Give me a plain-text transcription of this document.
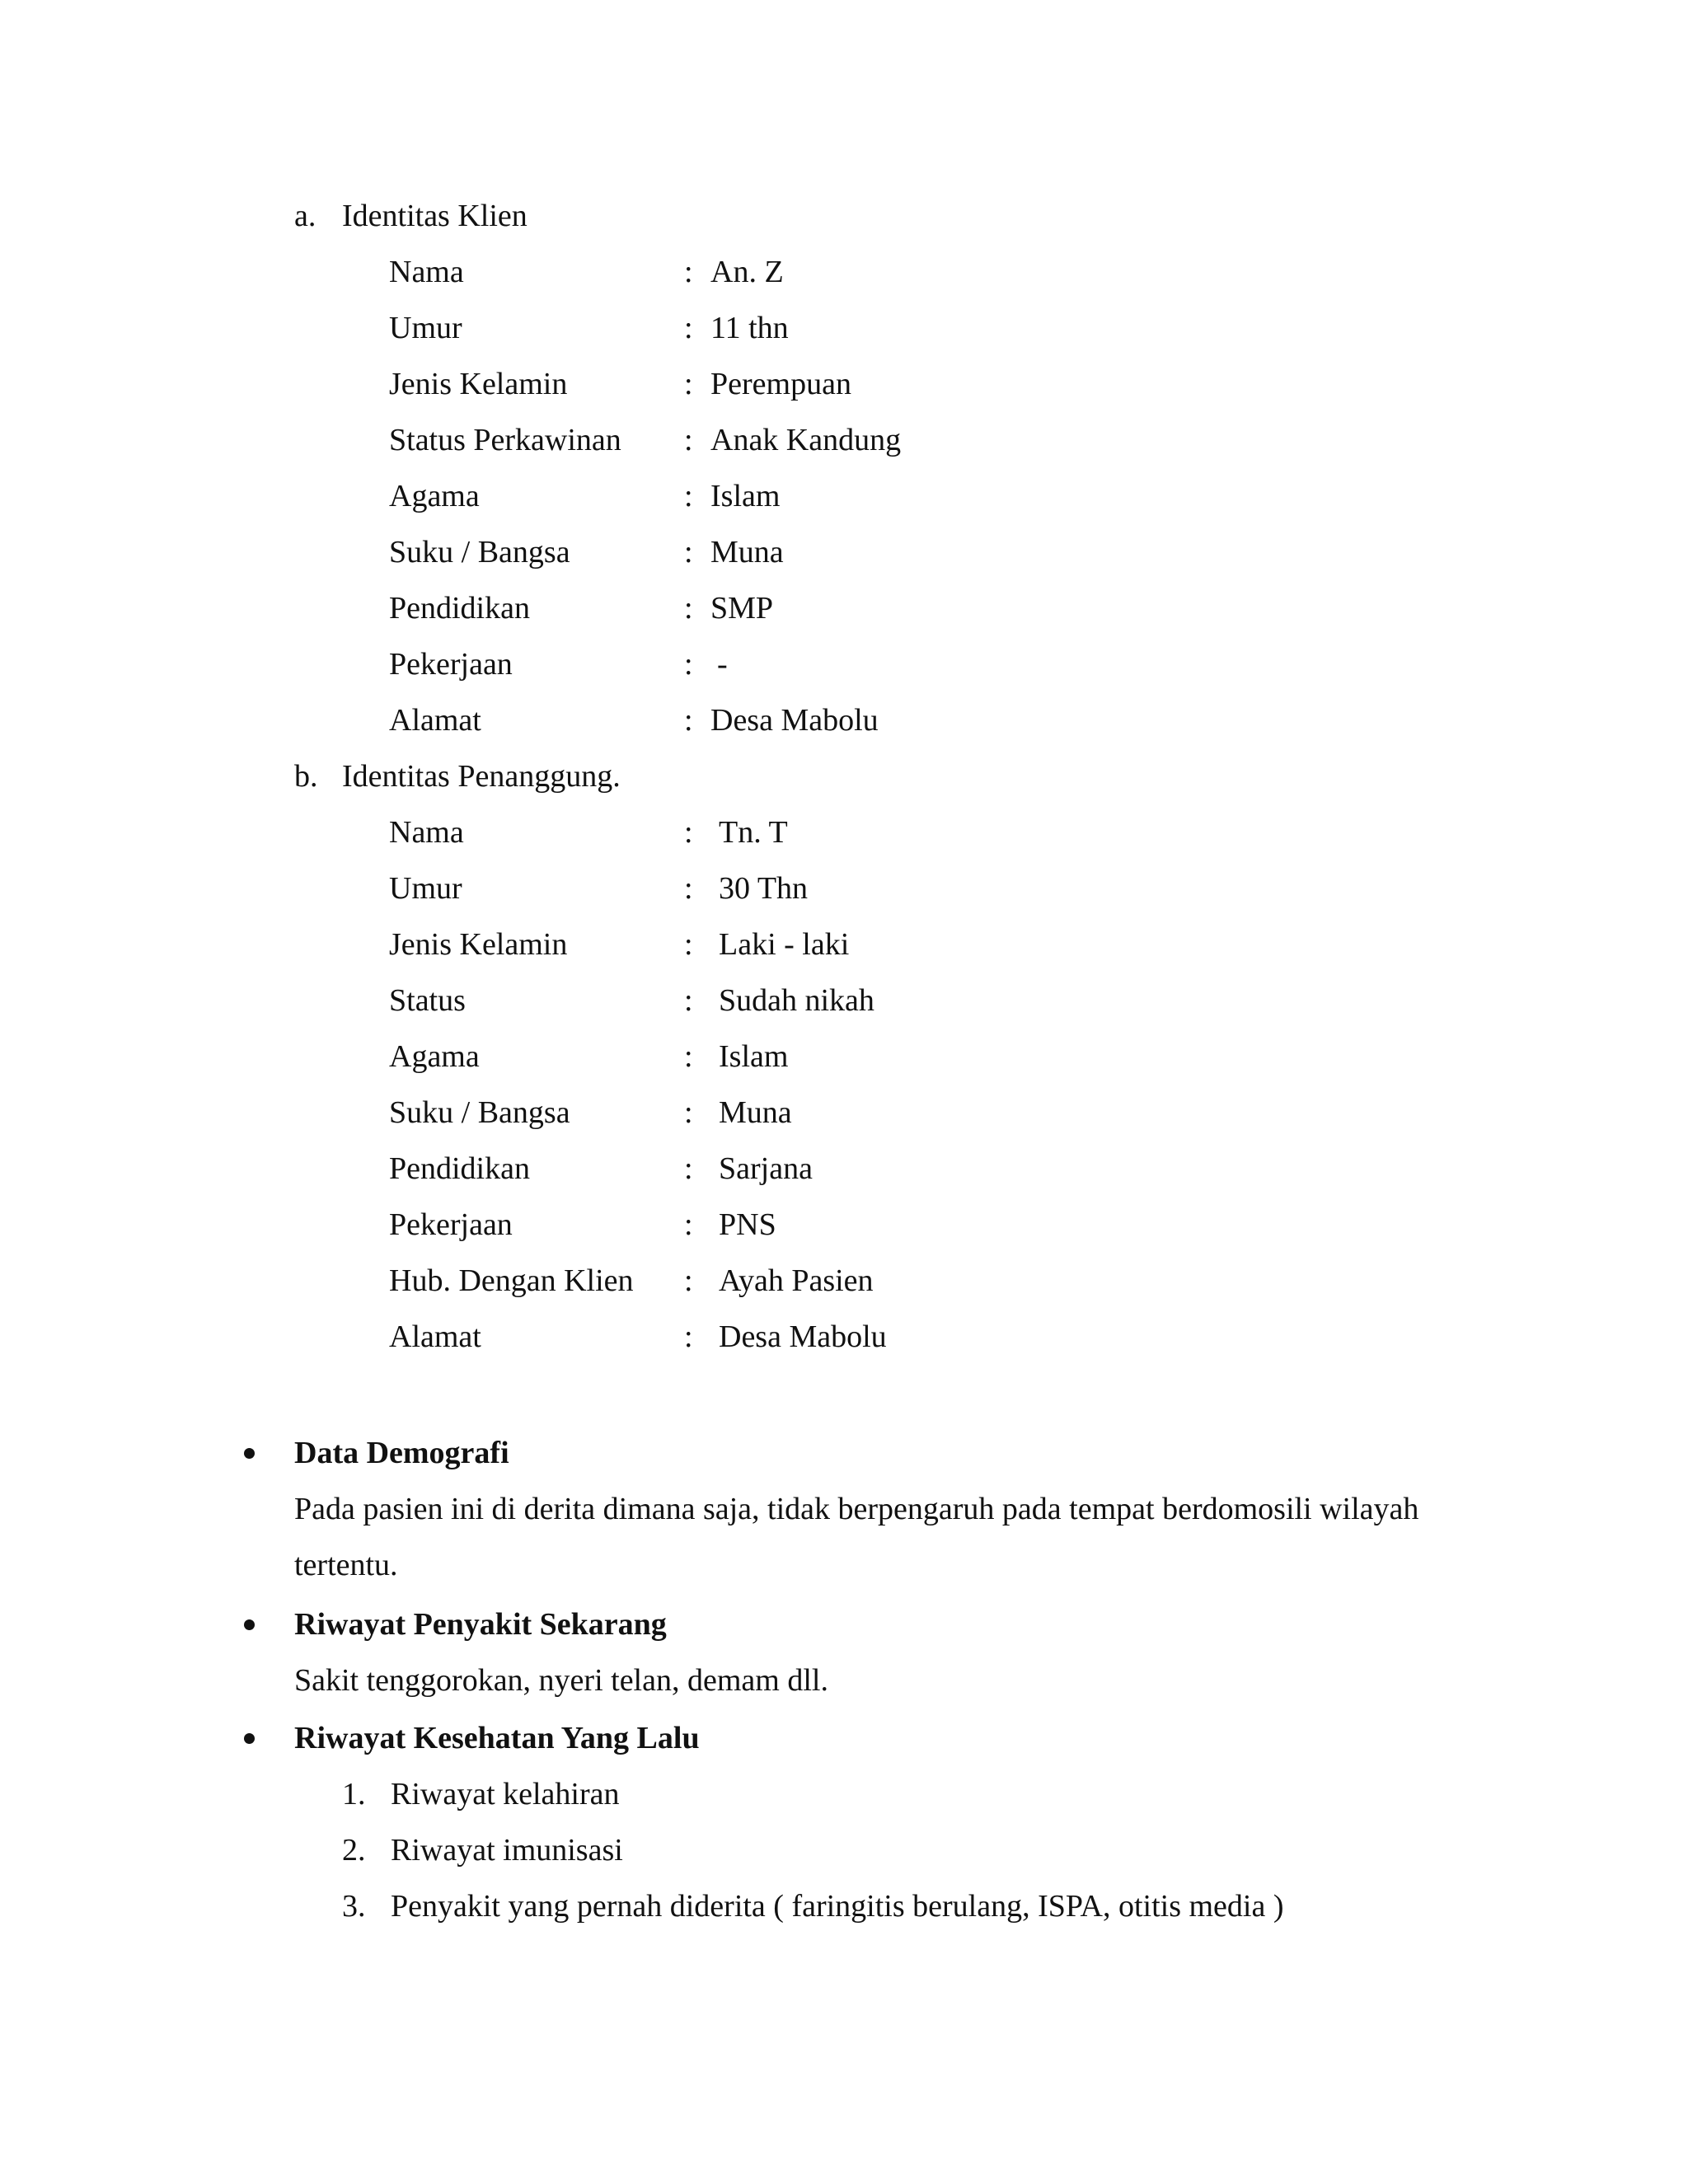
a. Identitas Klien
Nama	: An. Z
Umur	: 11 thn
Jenis Kelamin	: Perempuan
Status Perkawinan : Anak Kandung
Agama	: Islam
Suku / Bangsa	: Muna
Pendidikan	: SMP
Pekerjaan	: -
Alamat	: Desa Mabolu
b. Identitas Penanggung.
Nama	: Tn. T
Umur	: 30 Thn
Jenis Kelamin	: Laki - laki
Status	: Sudah nikah
Agama	: Islam
Suku / Bangsa	: Muna
Pendidikan	: Sarjana
Pekerjaan	: PNS
Hub. Dengan Klien : Ayah Pasien
Alamat	: Desa Mabolu
Data Demografi
Pada pasien ini di derita dimana saja, tidak berpengaruh pada tempat berdomosili wilayah
tertentu.
Riwayat Penyakit Sekarang
Sakit tenggorokan, nyeri telan, demam dll.
Riwayat Kesehatan Yang Lalu
1. Riwayat kelahiran
2. Riwayat imunisasi
3. Penyakit yang pernah diderita ( faringitis berulang, ISPA, otitis media )
